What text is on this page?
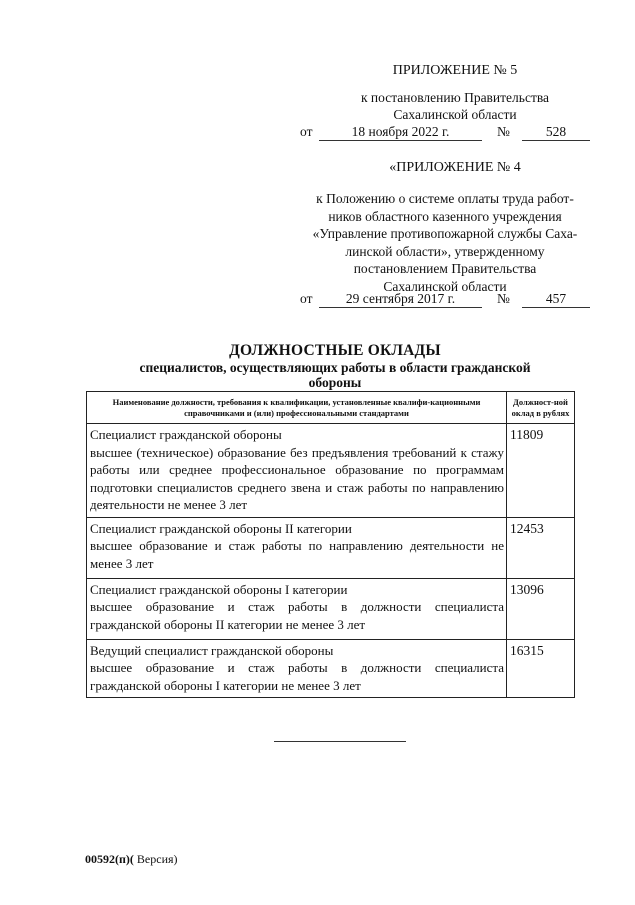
ПРИЛОЖЕНИЕ № 5
к постановлению Правительства
Сахалинской области
от	18 ноября 2022 г.	№	528
«ПРИЛОЖЕНИЕ № 4
к Положению о системе оплаты труда работ-
ников областного казенного учреждения
«Управление противопожарной службы Саха-
линской области», утвержденному
постановлением Правительства
Сахалинской области
от	29 сентября 2017 г.	№	457
ДОЛЖНОСТНЫЕ ОКЛАДЫ
специалистов, осуществляющих работы в области гражданской
обороны
Наименование должности, требования к квалификации, установленные квалифи-кационными справочниками и (или) профессиональными стандартами	Должност-ной оклад в рублях

Специалист гражданской обороны
высшее (техническое) образование без предъявления требований к стажу работы или среднее профессиональное образование по программам подготовки специалистов среднего звена и стаж работы по направлению деятельности не менее 3 лет	11809

Специалист гражданской обороны II категории
высшее образование и стаж работы по направлению деятельности не менее 3 лет	12453

Специалист гражданской обороны I категории
высшее образование и стаж работы в должности специалиста гражданской обороны II категории не менее 3 лет	13096

Ведущий специалист гражданской обороны
высшее образование и стаж работы в должности специалиста гражданской обороны I категории не менее 3 лет	16315
00592(п)( Версия)
